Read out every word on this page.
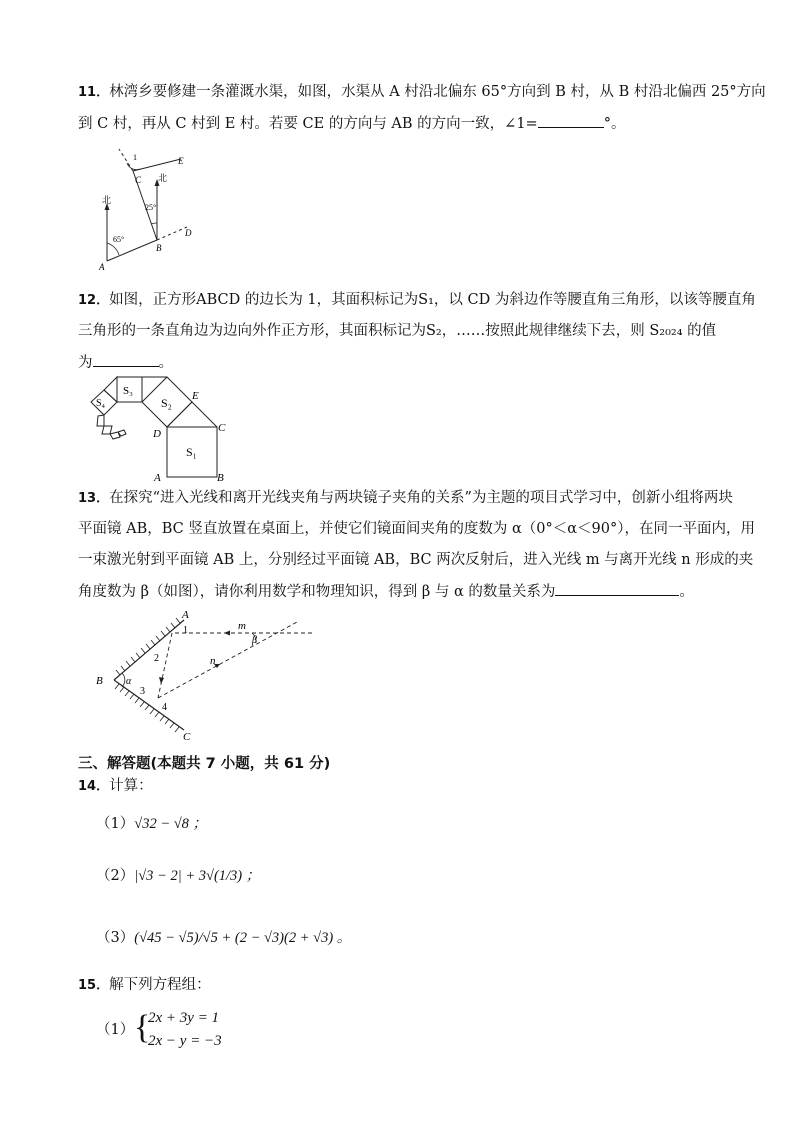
11．林湾乡要修建一条灌溉水渠，如图，水渠从 A 村沿北偏东 65°方向到 B 村，从 B 村沿北偏西 25°方向
到 C 村，再从 C 村到 E 村。若要 CE 的方向与 AB 的方向一致，∠1=	°。
北
北
65°
25°
1
A
B
C
D
E
12．如图，正方形ABCD 的边长为 1，其面积标记为S₁，以 CD 为斜边作等腰直角三角形，以该等腰直角
三角形的一条直角边为边向外作正方形，其面积标记为S₂，……按照此规律继续下去，则 S₂₀₂₄ 的值
为	。
S₁
S₂
S₃
S₄
A	B
C
D
E
13．在探究“进入光线和离开光线夹角与两块镜子夹角的关系”为主题的项目式学习中，创新小组将两块
平面镜 AB，BC 竖直放置在桌面上，并使它们镜面间夹角的度数为 α（0°＜α＜90°），在同一平面内，用
一束激光射到平面镜 AB 上，分别经过平面镜 AB，BC 两次反射后，进入光线 m 与离开光线 n 形成的夹
角度数为 β（如图），请你利用数学和物理知识，得到 β 与 α 的数量关系为	。
A
B
C
m
n
α
β
1
2
3
4
三、解答题(本题共 7 小题，共 61 分)
14．计算：
（1）√32 − √8 ；
（2）|√3 − 2| + 3√(1/3) ；
（3）(√45 − √5)/√5 + (2 − √3)(2 + √3) 。
15．解下列方程组：
（1） {
2x + 3y = 1
2x − y = −3
